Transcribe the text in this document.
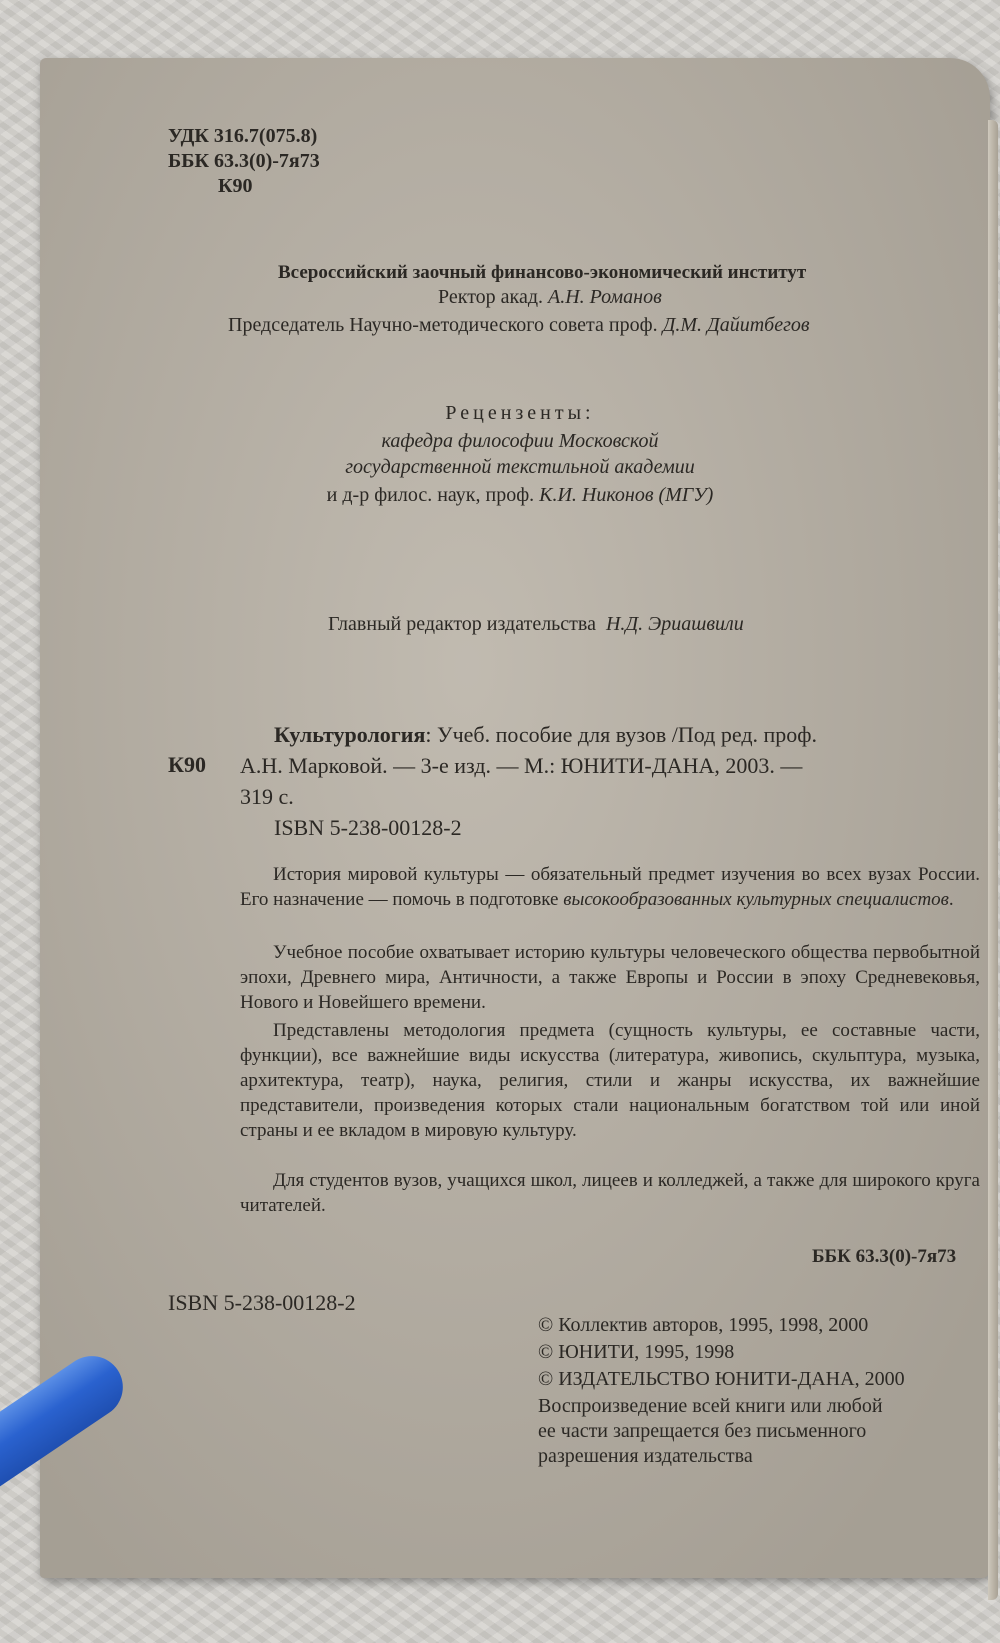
УДК 316.7(075.8)
ББК 63.3(0)-7я73
К90
Всероссийский заочный финансово-экономический институт
Ректор акад. А.Н. Романов
Председатель Научно-методического совета проф. Д.М. Дайитбегов
Рецензенты:
кафедра философии Московской
государственной текстильной академии
и д-р филос. наук, проф. К.И. Никонов (МГУ)
Главный редактор издательства Н.Д. Эриашвили
К90
Культурология: Учеб. пособие для вузов /Под ред. проф.
А.Н. Марковой. — 3-е изд. — М.: ЮНИТИ-ДАНА, 2003. —
319 с.
ISBN 5-238-00128-2
История мировой культуры — обязательный предмет изучения во всех вузах России. Его назначение — помочь в подготовке высокообразованных культурных специалистов.
Учебное пособие охватывает историю культуры человеческого общества первобытной эпохи, Древнего мира, Античности, а также Европы и России в эпоху Средневековья, Нового и Новейшего времени.
Представлены методология предмета (сущность культуры, ее составные части, функции), все важнейшие виды искусства (литература, живопись, скульптура, музыка, архитектура, театр), наука, религия, стили и жанры искусства, их важнейшие представители, произведения которых стали национальным богатством той или иной страны и ее вкладом в мировую культуру.
Для студентов вузов, учащихся школ, лицеев и колледжей, а также для широкого круга читателей.
ББК 63.3(0)-7я73
ISBN 5-238-00128-2
© Коллектив авторов, 1995, 1998, 2000
© ЮНИТИ, 1995, 1998
© ИЗДАТЕЛЬСТВО ЮНИТИ-ДАНА, 2000
Воспроизведение всей книги или любой
ее части запрещается без письменного
разрешения издательства
